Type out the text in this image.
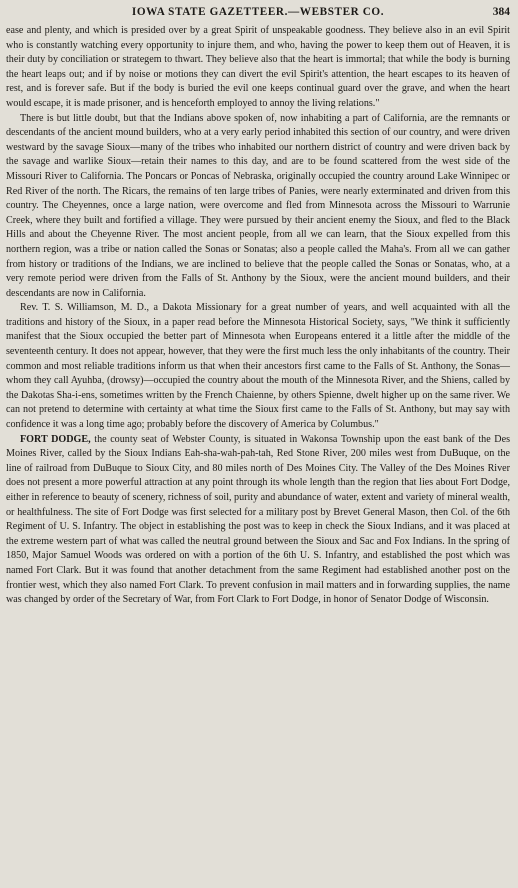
IOWA STATE GAZETTEER.—WEBSTER CO.	384

ease and plenty, and which is presided over by a great Spirit of unspeakable goodness. They believe also in an evil Spirit who is constantly watching every opportunity to injure them, and who, having the power to keep them out of Heaven, it is their duty by conciliation or strategem to thwart. They believe also that the heart is immortal; that while the body is burning the heart leaps out; and if by noise or motions they can divert the evil Spirit's attention, the heart escapes to its heaven of rest, and is forever safe. But if the body is buried the evil one keeps continual guard over the grave, and when the heart would escape, it is made prisoner, and is henceforth employed to annoy the living relations."

There is but little doubt, but that the Indians above spoken of, now inhabiting a part of California, are the remnants or descendants of the ancient mound builders, who at a very early period inhabited this section of our country, and were driven westward by the savage Sioux—many of the tribes who inhabited our northern district of country and were driven back by the savage and warlike Sioux—retain their names to this day, and are to be found scattered from the west side of the Missouri River to California. The Poncars or Poncas of Nebraska, originally occupied the country around Lake Winnipec or Red River of the north. The Ricars, the remains of ten large tribes of Panies, were nearly exterminated and driven from this country. The Cheyennes, once a large nation, were overcome and fled from Minnesota across the Missouri to Warrunie Creek, where they built and fortified a village. They were pursued by their ancient enemy the Sioux, and fled to the Black Hills and about the Cheyenne River. The most ancient people, from all we can learn, that the Sioux expelled from this northern region, was a tribe or nation called the Sonas or Sonatas; also a people called the Maha's. From all we can gather from history or traditions of the Indians, we are inclined to believe that the people called the Sonas or Sonatas, who, at a very remote period were driven from the Falls of St. Anthony by the Sioux, were the ancient mound builders, and their descendants are now in California.

Rev. T. S. Williamson, M. D., a Dakota Missionary for a great number of years, and well acquainted with all the traditions and history of the Sioux, in a paper read before the Minnesota Historical Society, says, "We think it sufficiently manifest that the Sioux occupied the better part of Minnesota when Europeans entered it a little after the middle of the seventeenth century. It does not appear, however, that they were the first much less the only inhabitants of the country. Their common and most reliable traditions inform us that when their ancestors first came to the Falls of St. Anthony, the Sonas—whom they call Ayuhba, (drowsy)—occupied the country about the mouth of the Minnesota River, and the Shiens, called by the Dakotas Sha-i-ens, sometimes written by the French Chaienne, by others Spienne, dwelt higher up on the same river. We can not pretend to determine with certainty at what time the Sioux first came to the Falls of St. Anthony, but may say with confidence it was a long time ago; probably before the discovery of America by Columbus."

FORT DODGE, the county seat of Webster County, is situated in Wakonsa Township upon the east bank of the Des Moines River, called by the Sioux Indians Eah-sha-wah-pah-tah, Red Stone River, 200 miles west from DuBuque, on the line of railroad from DuBuque to Sioux City, and 80 miles north of Des Moines City. The Valley of the Des Moines River does not present a more powerful attraction at any point through its whole length than the region that lies about Fort Dodge, either in reference to beauty of scenery, richness of soil, purity and abundance of water, extent and variety of mineral wealth, or healthfulness. The site of Fort Dodge was first selected for a military post by Brevet General Mason, then Col. of the 6th Regiment of U. S. Infantry. The object in establishing the post was to keep in check the Sioux Indians, and it was placed at the extreme western part of what was called the neutral ground between the Sioux and Sac and Fox Indians. In the spring of 1850, Major Samuel Woods was ordered on with a portion of the 6th U. S. Infantry, and established the post which was named Fort Clark. But it was found that another detachment from the same Regiment had established another post on the frontier west, which they also named Fort Clark. To prevent confusion in mail matters and in forwarding supplies, the name was changed by order of the Secretary of War, from Fort Clark to Fort Dodge, in honor of Senator Dodge of Wisconsin.
